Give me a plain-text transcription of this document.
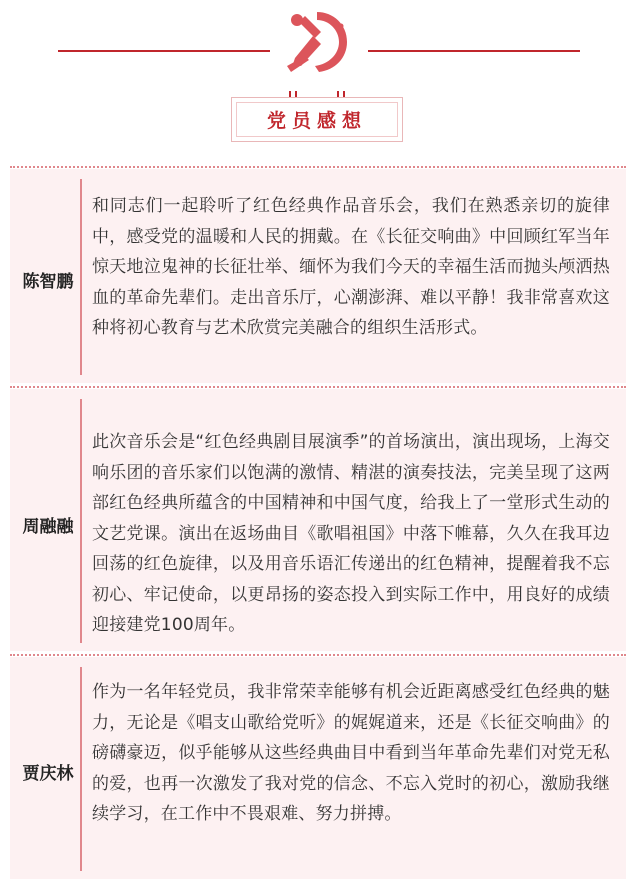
党员感想
陈智鹏
和同志们一起聆听了红色经典作品音乐会，我们在熟悉亲切的旋律中，感受党的温暖和人民的拥戴。在《长征交响曲》中回顾红军当年惊天地泣鬼神的长征壮举、缅怀为我们今天的幸福生活而抛头颅洒热血的革命先辈们。走出音乐厅，心潮澎湃、难以平静！我非常喜欢这种将初心教育与艺术欣赏完美融合的组织生活形式。
周融融
此次音乐会是“红色经典剧目展演季”的首场演出，演出现场，上海交响乐团的音乐家们以饱满的激情、精湛的演奏技法，完美呈现了这两部红色经典所蕴含的中国精神和中国气度，给我上了一堂形式生动的文艺党课。演出在返场曲目《歌唱祖国》中落下帷幕，久久在我耳边回荡的红色旋律，以及用音乐语汇传递出的红色精神，提醒着我不忘初心、牢记使命，以更昂扬的姿态投入到实际工作中，用良好的成绩迎接建党100周年。
贾庆林
作为一名年轻党员，我非常荣幸能够有机会近距离感受红色经典的魅力，无论是《唱支山歌给党听》的娓娓道来，还是《长征交响曲》的磅礴豪迈，似乎能够从这些经典曲目中看到当年革命先辈们对党无私的爱，也再一次激发了我对党的信念、不忘入党时的初心，激励我继续学习，在工作中不畏艰难、努力拼搏。
